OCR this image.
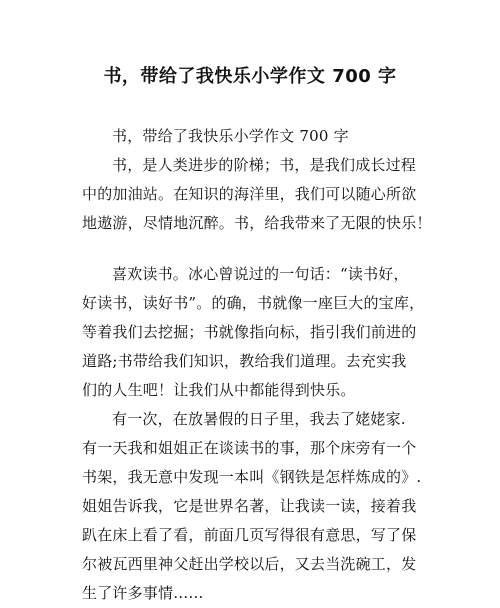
书，带给了我快乐小学作文 700 字
书，带给了我快乐小学作文 700 字
书，是人类进步的阶梯；书，是我们成长过程
中的加油站。在知识的海洋里，我们可以随心所欲
地遨游，尽情地沉醉。书，给我带来了无限的快乐！
喜欢读书。冰心曾说过的一句话：“读书好，
好读书，读好书”。的确，书就像一座巨大的宝库，
等着我们去挖掘；书就像指向标，指引我们前进的
道路;书带给我们知识，教给我们道理。去充实我
们的人生吧！让我们从中都能得到快乐。
有一次，在放暑假的日子里，我去了姥姥家.
有一天我和姐姐正在谈读书的事，那个床旁有一个
书架，我无意中发现一本叫《钢铁是怎样炼成的》.
姐姐告诉我，它是世界名著，让我读一读，接着我
趴在床上看了看，前面几页写得很有意思，写了保
尔被瓦西里神父赶出学校以后，又去当洗碗工，发
生了许多事情……
